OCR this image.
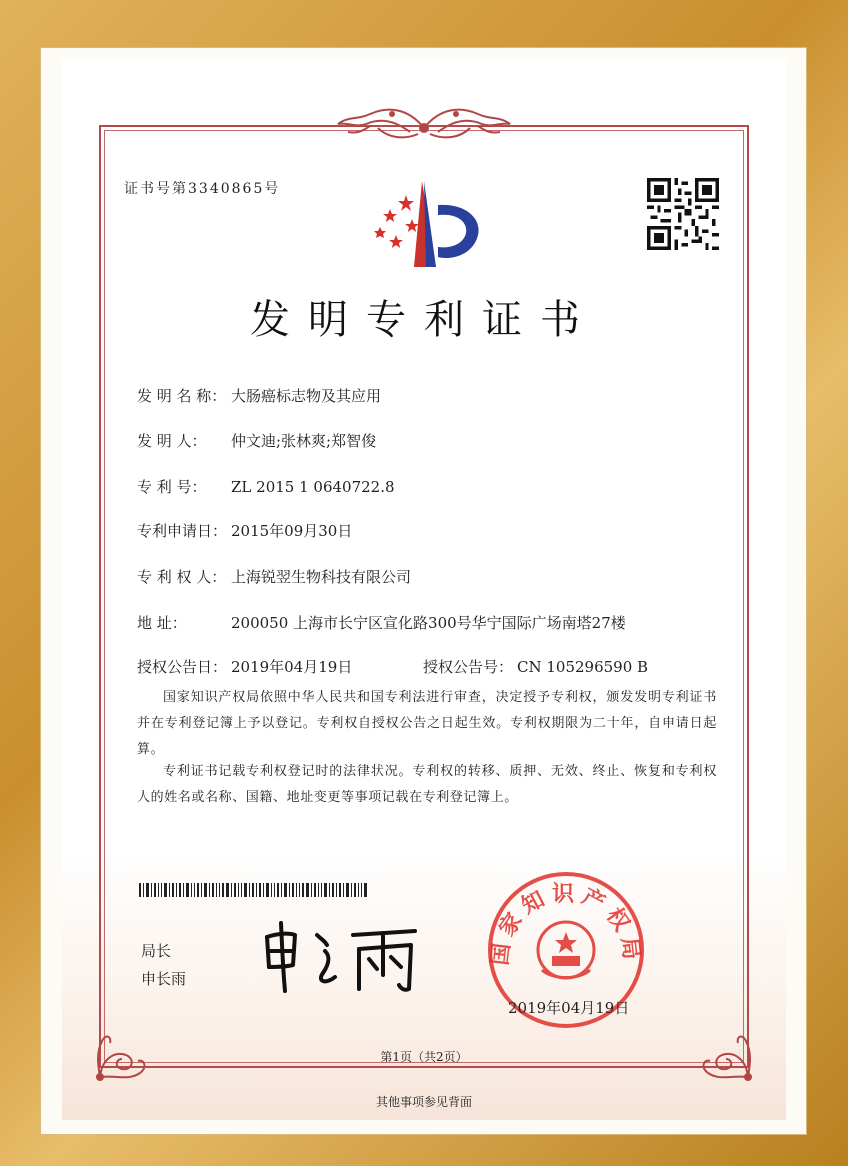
证书号第3340865号
发明专利证书
发 明 名 称： 大肠癌标志物及其应用
发 明 人： 仲文迪;张林爽;郑智俊
专 利 号： ZL 2015 1 0640722.8
专利申请日： 2015年09月30日
专 利 权 人： 上海锐翌生物科技有限公司
地 址：	200050 上海市长宁区宣化路300号华宁国际广场南塔27楼
授权公告日： 2019年04月19日	授权公告号： CN 105296590 B
国家知识产权局依照中华人民共和国专利法进行审查，决定授予专利权，颁发发明专利证书并在专利登记簿上予以登记。专利权自授权公告之日起生效。专利权期限为二十年，自申请日起算。
专利证书记载专利权登记时的法律状况。专利权的转移、质押、无效、终止、恢复和专利权人的姓名或名称、国籍、地址变更等事项记载在专利登记簿上。
局长
申长雨
国家知识产权局
2019年04月19日
第1页（共2页）
其他事项参见背面
